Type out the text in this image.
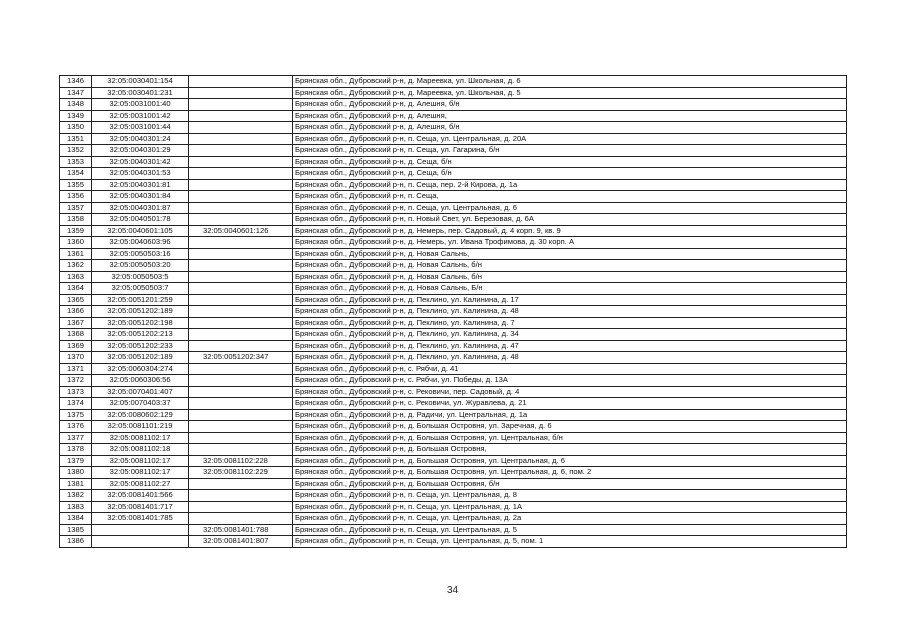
1346	32:05:0030401:154		Брянская обл., Дубровский р-н, д. Мареевка, ул. Школьная, д. 6
1347	32:05:0030401:231		Брянская обл., Дубровский р-н, д. Мареевка, ул. Школьная, д. 5
1348	32:05:0031001:40		Брянская обл., Дубровский р-н, д. Алешня, б/н
1349	32:05:0031001:42		Брянская обл., Дубровский р-н, д. Алешня,
1350	32:05:0031001:44		Брянская обл., Дубровский р-н, д. Алешня, б/н
1351	32:05:0040301:24		Брянская обл., Дубровский р-н, п. Сеща, ул. Центральная, д. 20А
1352	32:05:0040301:29		Брянская обл., Дубровский р-н, п. Сеща, ул. Гагарина, б/н
1353	32:05:0040301:42		Брянская обл., Дубровский р-н, д. Сеща, б/н
1354	32:05:0040301:53		Брянская обл., Дубровский р-н, д. Сеща, б/н
1355	32:05:0040301:81		Брянская обл., Дубровский р-н, п. Сеща, пер. 2-й Кирова, д. 1а
1356	32:05:0040301:84		Брянская обл., Дубровский р-н, п. Сеща,
1357	32:05:0040301:87		Брянская обл., Дубровский р-н, п. Сеща, ул. Центральная, д. 6
1358	32:05:0040501:78		Брянская обл., Дубровский р-н, п. Новый Свет, ул. Березовая, д. 6А
1359	32:05:0040601:105	32:05:0040601:126	Брянская обл., Дубровский р-н, д. Немерь, пер. Садовый, д. 4 корп. 9, кв. 9
1360	32:05:0040603:96		Брянская обл., Дубровский р-н, д. Немерь, ул. Ивана Трофимова, д. 30 корп. А
1361	32:05:0050503:16		Брянская обл., Дубровский р-н, д. Новая Сальнь,
1362	32:05:0050503:20		Брянская обл., Дубровский р-н, д. Новая Сальнь, б/н
1363	32:05:0050503:5		Брянская обл., Дубровский р-н, д. Новая Сальнь, б/н
1364	32:05:0050503:7		Брянская обл., Дубровский р-н, д. Новая Сальнь, Б/н
1365	32:05:0051201:259		Брянская обл., Дубровский р-н, д. Пеклино, ул. Калинина, д. 17
1366	32:05:0051202:189		Брянская обл., Дубровский р-н, д. Пеклино, ул. Калинина, д. 48
1367	32:05:0051202:198		Брянская обл., Дубровский р-н, д. Пеклино, ул. Калинина, д. 7
1368	32:05:0051202:213		Брянская обл., Дубровский р-н, д. Пеклино, ул. Калинина, д. 34
1369	32:05:0051202:233		Брянская обл., Дубровский р-н, д. Пеклино, ул. Калинина, д. 47
1370	32:05:0051202:189	32:05:0051202:347	Брянская обл., Дубровский р-н, д. Пеклино, ул. Калинина, д. 48
1371	32:05:0060304:274		Брянская обл., Дубровский р-н, с. Рябчи, д. 41
1372	32:05:0060306:56		Брянская обл., Дубровский р-н, с. Рябчи, ул. Победы, д. 13А
1373	32:05:0070401:407		Брянская обл., Дубровский р-н, с. Рековичи, пер. Садовый, д. 4
1374	32:05:0070403:37		Брянская обл., Дубровский р-н, с. Рековичи, ул. Журавлева, д. 21
1375	32:05:0080602:129		Брянская обл., Дубровский р-н, д. Радичи, ул. Центральная, д. 1а
1376	32:05:0081101:219		Брянская обл., Дубровский р-н, д. Большая Островня, ул. Заречная, д. 6
1377	32:05:0081102:17		Брянская обл., Дубровский р-н, д. Большая Островня, ул. Центральная, б/н
1378	32:05:0081102:18		Брянская обл., Дубровский р-н, д. Большая Островня,
1379	32:05:0081102:17	32:05:0081102:228	Брянская обл., Дубровский р-н, д. Большая Островня, ул. Центральная, д. 6
1380	32:05:0081102:17	32:05:0081102:229	Брянская обл., Дубровский р-н, д. Большая Островня, ул. Центральная, д. 6, пом. 2
1381	32:05:0081102:27		Брянская обл., Дубровский р-н, д. Большая Островня, б/н
1382	32:05:0081401:566		Брянская обл., Дубровский р-н, п. Сеща, ул. Центральная, д. 8
1383	32:05:0081401:717		Брянская обл., Дубровский р-н, п. Сеща, ул. Центральная, д. 1А
1384	32:05:0081401:785		Брянская обл., Дубровский р-н, п. Сеща, ул. Центральная, д. 2а
1385		32:05:0081401:788	Брянская обл., Дубровский р-н, п. Сеща, ул. Центральная, д. 5
1386		32:05:0081401:807	Брянская обл., Дубровский р-н, п. Сеща, ул. Центральная, д. 5, пом. 1
34
